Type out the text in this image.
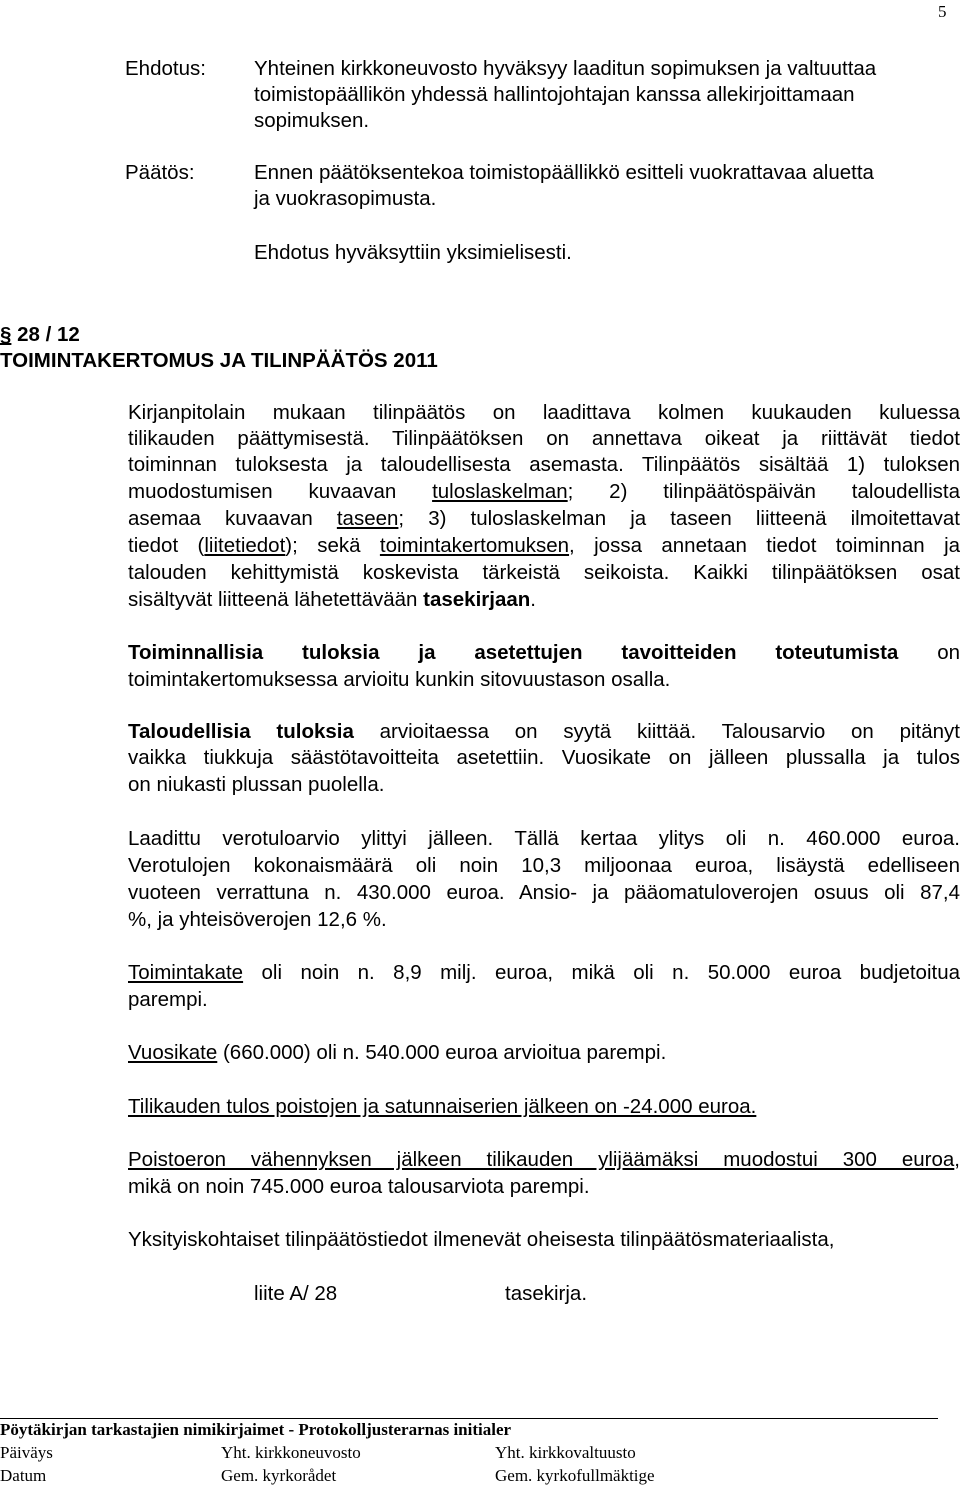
5
Ehdotus: Yhteinen kirkkoneuvosto hyväksyy laaditun sopimuksen ja valtuuttaa
toimistopäällikön yhdessä hallintojohtajan kanssa allekirjoittamaan
sopimuksen.
Päätös:	Ennen päätöksentekoa toimistopäällikkö esitteli vuokrattavaa aluetta
ja vuokrasopimusta.
Ehdotus hyväksyttiin yksimielisesti.
§ 28 / 12
TOIMINTAKERTOMUS JA TILINPÄÄTÖS 2011
Kirjanpitolain mukaan tilinpäätös on laadittava kolmen kuukauden kuluessa
tilikauden päättymisestä. Tilinpäätöksen on annettava oikeat ja riittävät tiedot
toiminnan tuloksesta ja taloudellisesta asemasta. Tilinpäätös sisältää 1) tuloksen
muodostumisen kuvaavan tuloslaskelman; 2) tilinpäätöspäivän taloudellista
asemaa kuvaavan taseen; 3) tuloslaskelman ja taseen liitteenä ilmoitettavat
tiedot (liitetiedot); sekä toimintakertomuksen, jossa annetaan tiedot toiminnan ja
talouden kehittymistä koskevista tärkeistä seikoista. Kaikki tilinpäätöksen osat
sisältyvät liitteenä lähetettävään tasekirjaan.
Toiminnallisia tuloksia ja asetettujen tavoitteiden toteutumista on
toimintakertomuksessa arvioitu kunkin sitovuustason osalla.
Taloudellisia tuloksia arvioitaessa on syytä kiittää. Talousarvio on pitänyt
vaikka tiukkuja säästötavoitteita asetettiin. Vuosikate on jälleen plussalla ja tulos
on niukasti plussan puolella.
Laadittu verotuloarvio ylittyi jälleen. Tällä kertaa ylitys oli n. 460.000 euroa.
Verotulojen kokonaismäärä oli noin 10,3 miljoonaa euroa, lisäystä edelliseen
vuoteen verrattuna n. 430.000 euroa. Ansio- ja pääomatuloverojen osuus oli 87,4
%, ja yhteisöverojen 12,6 %.
Toimintakate oli noin n. 8,9 milj. euroa, mikä oli n. 50.000 euroa budjetoitua
parempi.
Vuosikate (660.000) oli n. 540.000 euroa arvioitua parempi.
Tilikauden tulos poistojen ja satunnaiserien jälkeen on -24.000 euroa.
Poistoeron vähennyksen jälkeen tilikauden ylijäämäksi muodostui 300 euroa,
mikä on noin 745.000 euroa talousarviota parempi.
Yksityiskohtaiset tilinpäätöstiedot ilmenevät oheisesta tilinpäätösmateriaalista,
liite A/ 28	tasekirja.
Pöytäkirjan tarkastajien nimikirjaimet - Protokolljusterarnas initialer
Päiväys	Yht. kirkkoneuvosto	Yht. kirkkovaltuusto
Datum	Gem. kyrkorådet	Gem. kyrkofullmäktige
